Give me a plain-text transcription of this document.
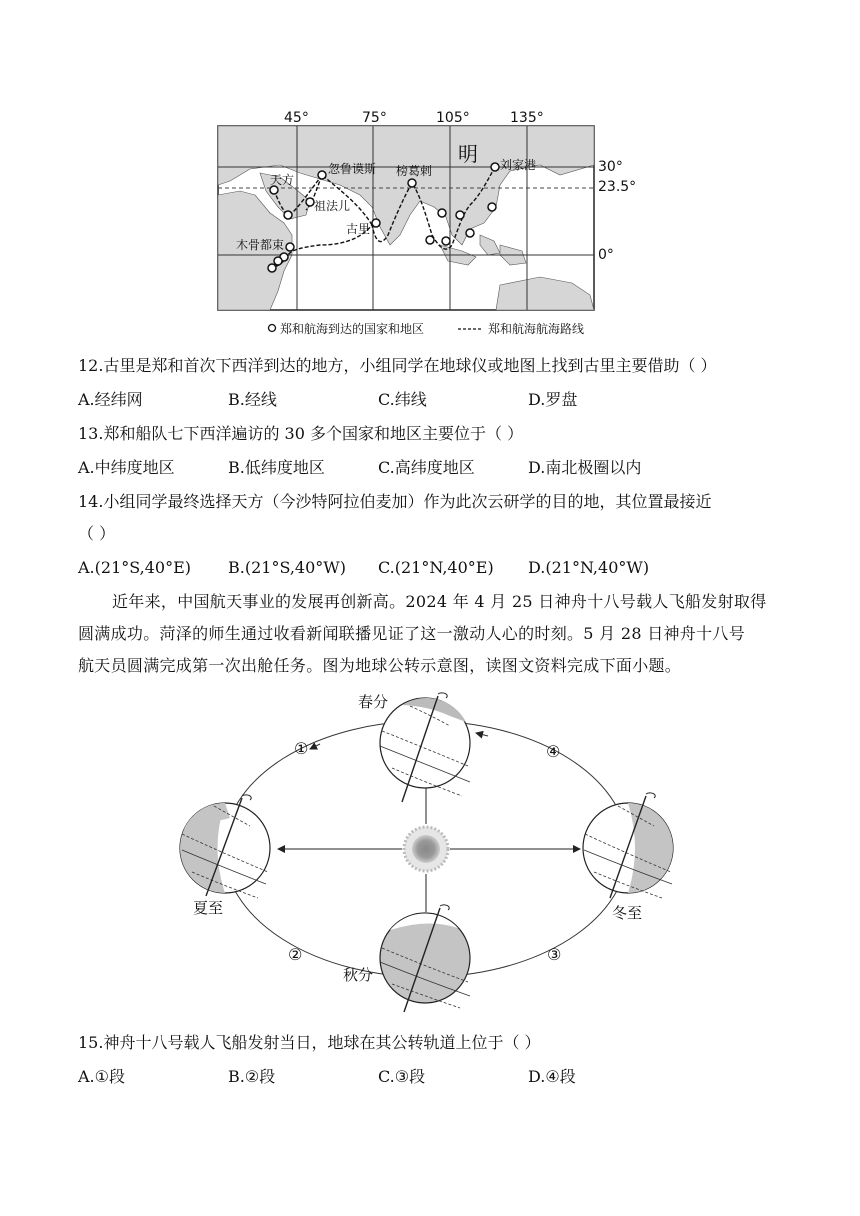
45°	75°	105°	135°
30°
23.5°
0°
明
天方
忽鲁谟斯 榜葛剌	刘家港
祖法儿
古里
木骨都束
郑和航海到达的国家和地区	郑和航海航海路线
12.古里是郑和首次下西洋到达的地方，小组同学在地球仪或地图上找到古里主要借助（ ）
A.经纬网	B.经线	C.纬线	D.罗盘
13.郑和船队七下西洋遍访的 30 多个国家和地区主要位于（ ）
A.中纬度地区	B.低纬度地区	C.高纬度地区	D.南北极圈以内
14.小组同学最终选择天方（今沙特阿拉伯麦加）作为此次云研学的目的地，其位置最接近
（ ）
A.(21°S,40°E) B.(21°S,40°W) C.(21°N,40°E) D.(21°N,40°W)
近年来，中国航天事业的发展再创新高。2024 年 4 月 25 日神舟十八号载人飞船发射取得
圆满成功。菏泽的师生通过收看新闻联播见证了这一激动人心的时刻。5 月 28 日神舟十八号
航天员圆满完成第一次出舱任务。图为地球公转示意图，读图文资料完成下面小题。
春分
夏至
秋分
冬至
①
②	③
④
15.神舟十八号载人飞船发射当日，地球在其公转轨道上位于（ ）
A.①段	B.②段	C.③段	D.④段
